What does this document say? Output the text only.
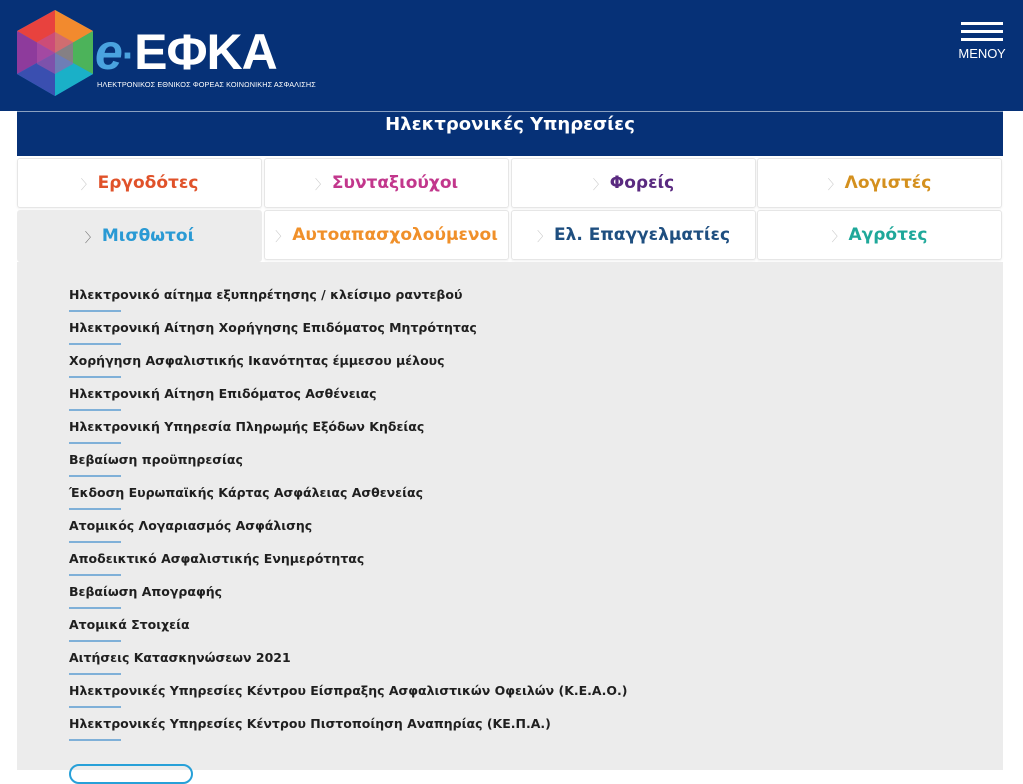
e·ΕΦΚΑ
ΗΛΕΚΤΡΟΝΙΚΟΣ ΕΘΝΙΚΟΣ ΦΟΡΕΑΣ ΚΟΙΝΩΝΙΚΗΣ ΑΣΦΑΛΙΣΗΣ
ΜΕΝΟΥ
Ηλεκτρονικές Υπηρεσίες
〉 Εργοδότες	〉 Συνταξιούχοι	〉 Φορείς	〉 Λογιστές
〉 Μισθωτοί	〉 Αυτοαπασχολούμενοι	〉 Ελ. Επαγγελματίες	〉 Αγρότες
Ηλεκτρονικό αίτημα εξυπηρέτησης / κλείσιμο ραντεβού
Ηλεκτρονική Αίτηση Χορήγησης Επιδόματος Μητρότητας
Χορήγηση Ασφαλιστικής Ικανότητας έμμεσου μέλους
Ηλεκτρονική Αίτηση Επιδόματος Ασθένειας
Ηλεκτρονική Υπηρεσία Πληρωμής Εξόδων Κηδείας
Βεβαίωση προϋπηρεσίας
Έκδοση Ευρωπαϊκής Κάρτας Ασφάλειας Ασθενείας
Ατομικός Λογαριασμός Ασφάλισης
Αποδεικτικό Ασφαλιστικής Ενημερότητας
Βεβαίωση Απογραφής
Ατομικά Στοιχεία
Αιτήσεις Κατασκηνώσεων 2021
Ηλεκτρονικές Υπηρεσίες Κέντρου Είσπραξης Ασφαλιστικών Οφειλών (Κ.Ε.Α.Ο.)
Ηλεκτρονικές Υπηρεσίες Κέντρου Πιστοποίηση Αναπηρίας (ΚΕ.Π.Α.)
